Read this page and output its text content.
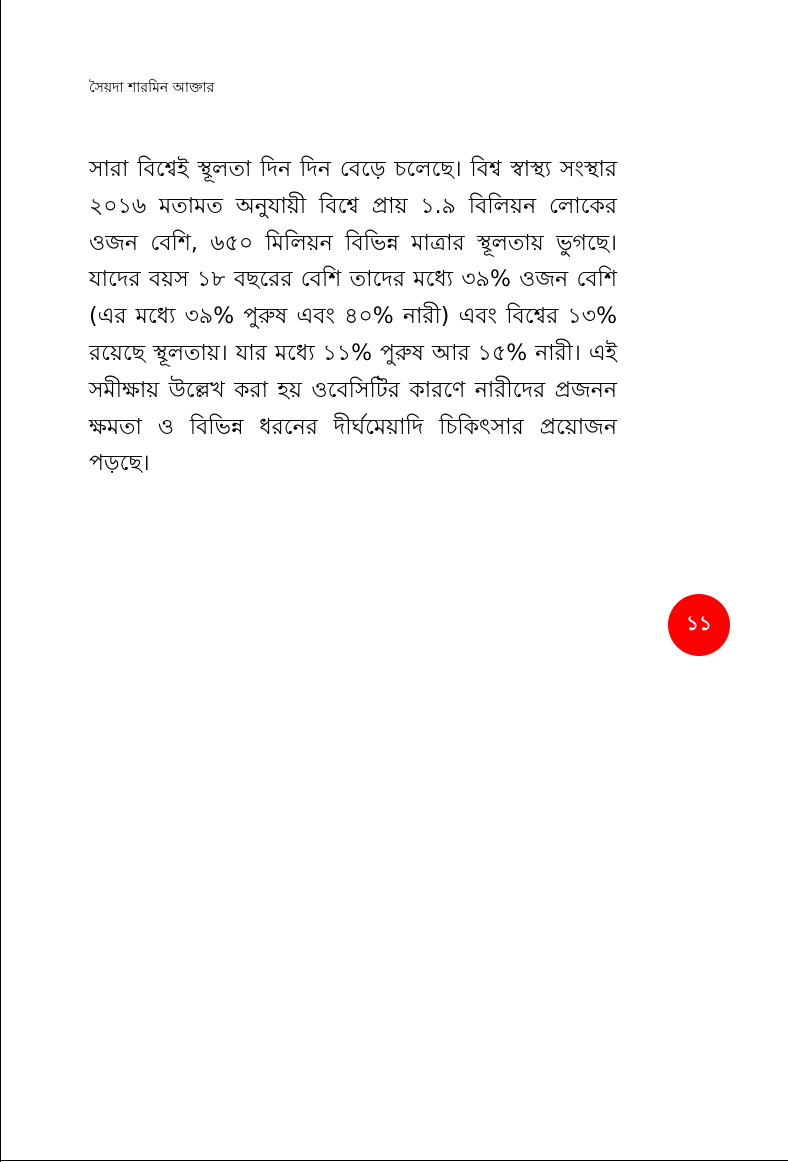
সৈয়দা শারমিন আক্তার

সারা বিশ্বেই স্থূলতা দিন দিন বেড়ে চলেছে। বিশ্ব স্বাস্থ্য সংস্থার ২০১৬ মতামত অনুযায়ী বিশ্বে প্রায় ১.৯ বিলিয়ন লোকের ওজন বেশি, ৬৫০ মিলিয়ন বিভিন্ন মাত্রার স্থূলতায় ভুগছে। যাদের বয়স ১৮ বছরের বেশি তাদের মধ্যে ৩৯% ওজন বেশি (এর মধ্যে ৩৯% পুরুষ এবং ৪০% নারী) এবং বিশ্বের ১৩% রয়েছে স্থূলতায়। যার মধ্যে ১১% পুরুষ আর ১৫% নারী। এই সমীক্ষায় উল্লেখ করা হয় ওবেসিটির কারণে নারীদের প্রজনন ক্ষমতা ও বিভিন্ন ধরনের দীর্ঘমেয়াদি চিকিৎসার প্রয়োজন পড়ছে।

১১
